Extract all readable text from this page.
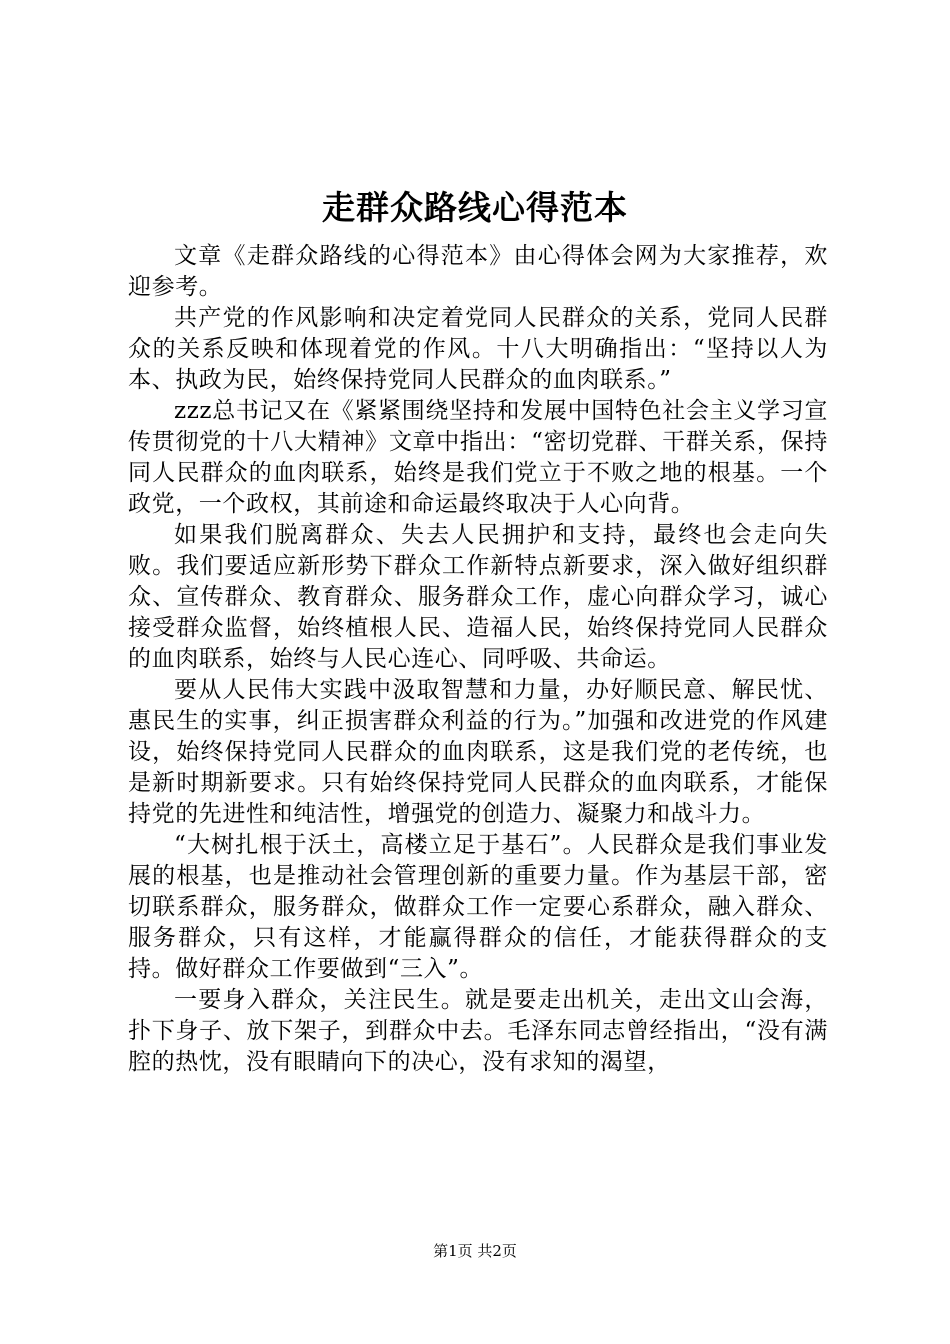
走群众路线心得范本

文章《走群众路线的心得范本》由心得体会网为大家推荐，欢迎参考。

共产党的作风影响和决定着党同人民群众的关系，党同人民群众的关系反映和体现着党的作风。十八大明确指出：“坚持以人为本、执政为民，始终保持党同人民群众的血肉联系。”

zzz总书记又在《紧紧围绕坚持和发展中国特色社会主义学习宣传贯彻党的十八大精神》文章中指出：“密切党群、干群关系，保持同人民群众的血肉联系，始终是我们党立于不败之地的根基。一个政党，一个政权，其前途和命运最终取决于人心向背。

如果我们脱离群众、失去人民拥护和支持，最终也会走向失败。我们要适应新形势下群众工作新特点新要求，深入做好组织群众、宣传群众、教育群众、服务群众工作，虚心向群众学习，诚心接受群众监督，始终植根人民、造福人民，始终保持党同人民群众的血肉联系，始终与人民心连心、同呼吸、共命运。

要从人民伟大实践中汲取智慧和力量，办好顺民意、解民忧、惠民生的实事，纠正损害群众利益的行为。”加强和改进党的作风建设，始终保持党同人民群众的血肉联系，这是我们党的老传统，也是新时期新要求。只有始终保持党同人民群众的血肉联系，才能保持党的先进性和纯洁性，增强党的创造力、凝聚力和战斗力。

“大树扎根于沃土，高楼立足于基石”。人民群众是我们事业发展的根基，也是推动社会管理创新的重要力量。作为基层干部，密切联系群众，服务群众，做群众工作一定要心系群众，融入群众、服务群众，只有这样，才能赢得群众的信任，才能获得群众的支持。做好群众工作要做到“三入”。

一要身入群众，关注民生。就是要走出机关，走出文山会海，扑下身子、放下架子，到群众中去。毛泽东同志曾经指出，“没有满腔的热忱，没有眼睛向下的决心，没有求知的渴望，

第1页 共2页
